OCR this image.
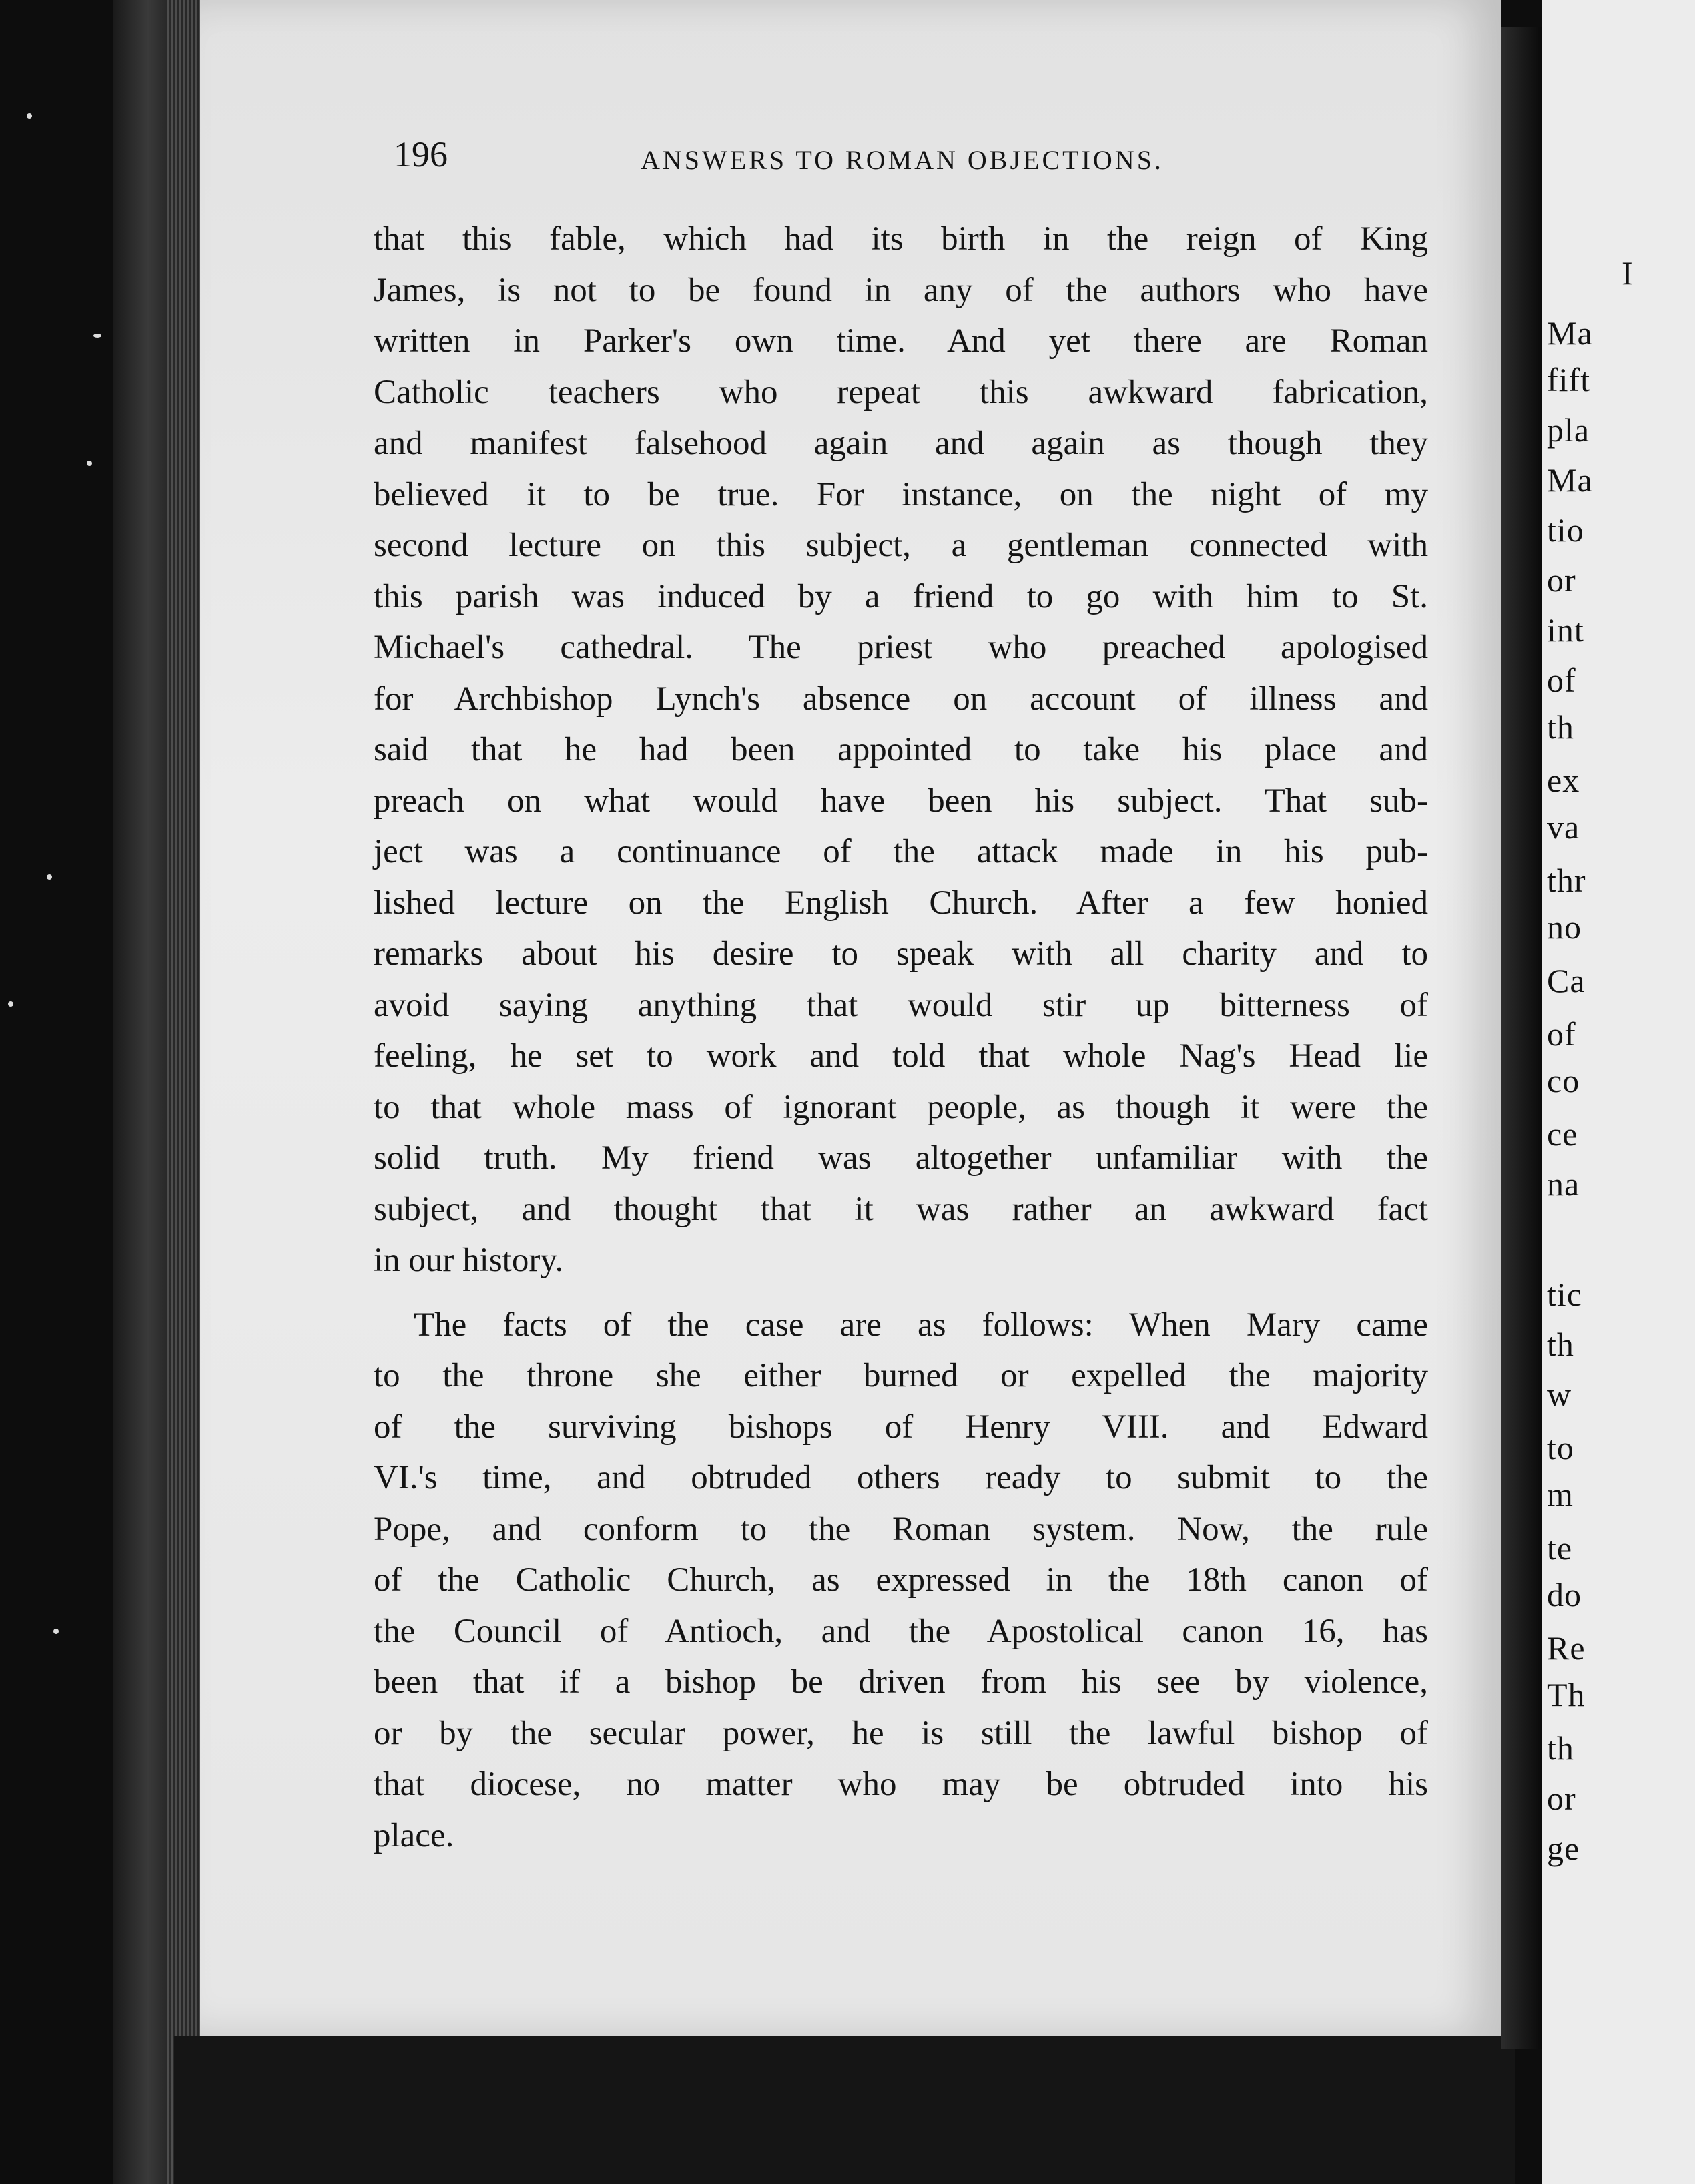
I
Ma
fift
pla
Ma
tio
or
int
of
th
ex
va
thr
no
Ca
of
co
ce
na
tic
th
w
to
m
te
do
Re
Th
th
or
ge
196	ANSWERS TO ROMAN OBJECTIONS.
that this fable, which had its birth in the reign of King
James, is not to be found in any of the authors who have
written in Parker's own time. And yet there are Roman
Catholic teachers who repeat this awkward fabrication,
and manifest falsehood again and again as though they
believed it to be true. For instance, on the night of my
second lecture on this subject, a gentleman connected with
this parish was induced by a friend to go with him to St.
Michael's cathedral. The priest who preached apologised
for Archbishop Lynch's absence on account of illness and
said that he had been appointed to take his place and
preach on what would have been his subject. That sub-
ject was a continuance of the attack made in his pub-
lished lecture on the English Church. After a few honied
remarks about his desire to speak with all charity and to
avoid saying anything that would stir up bitterness of
feeling, he set to work and told that whole Nag's Head lie
to that whole mass of ignorant people, as though it were the
solid truth. My friend was altogether unfamiliar with the
subject, and thought that it was rather an awkward fact
in our history.
The facts of the case are as follows: When Mary came
to the throne she either burned or expelled the majority
of the surviving bishops of Henry VIII. and Edward
VI.'s time, and obtruded others ready to submit to the
Pope, and conform to the Roman system. Now, the rule
of the Catholic Church, as expressed in the 18th canon of
the Council of Antioch, and the Apostolical canon 16, has
been that if a bishop be driven from his see by violence,
or by the secular power, he is still the lawful bishop of
that diocese, no matter who may be obtruded into his
place.
